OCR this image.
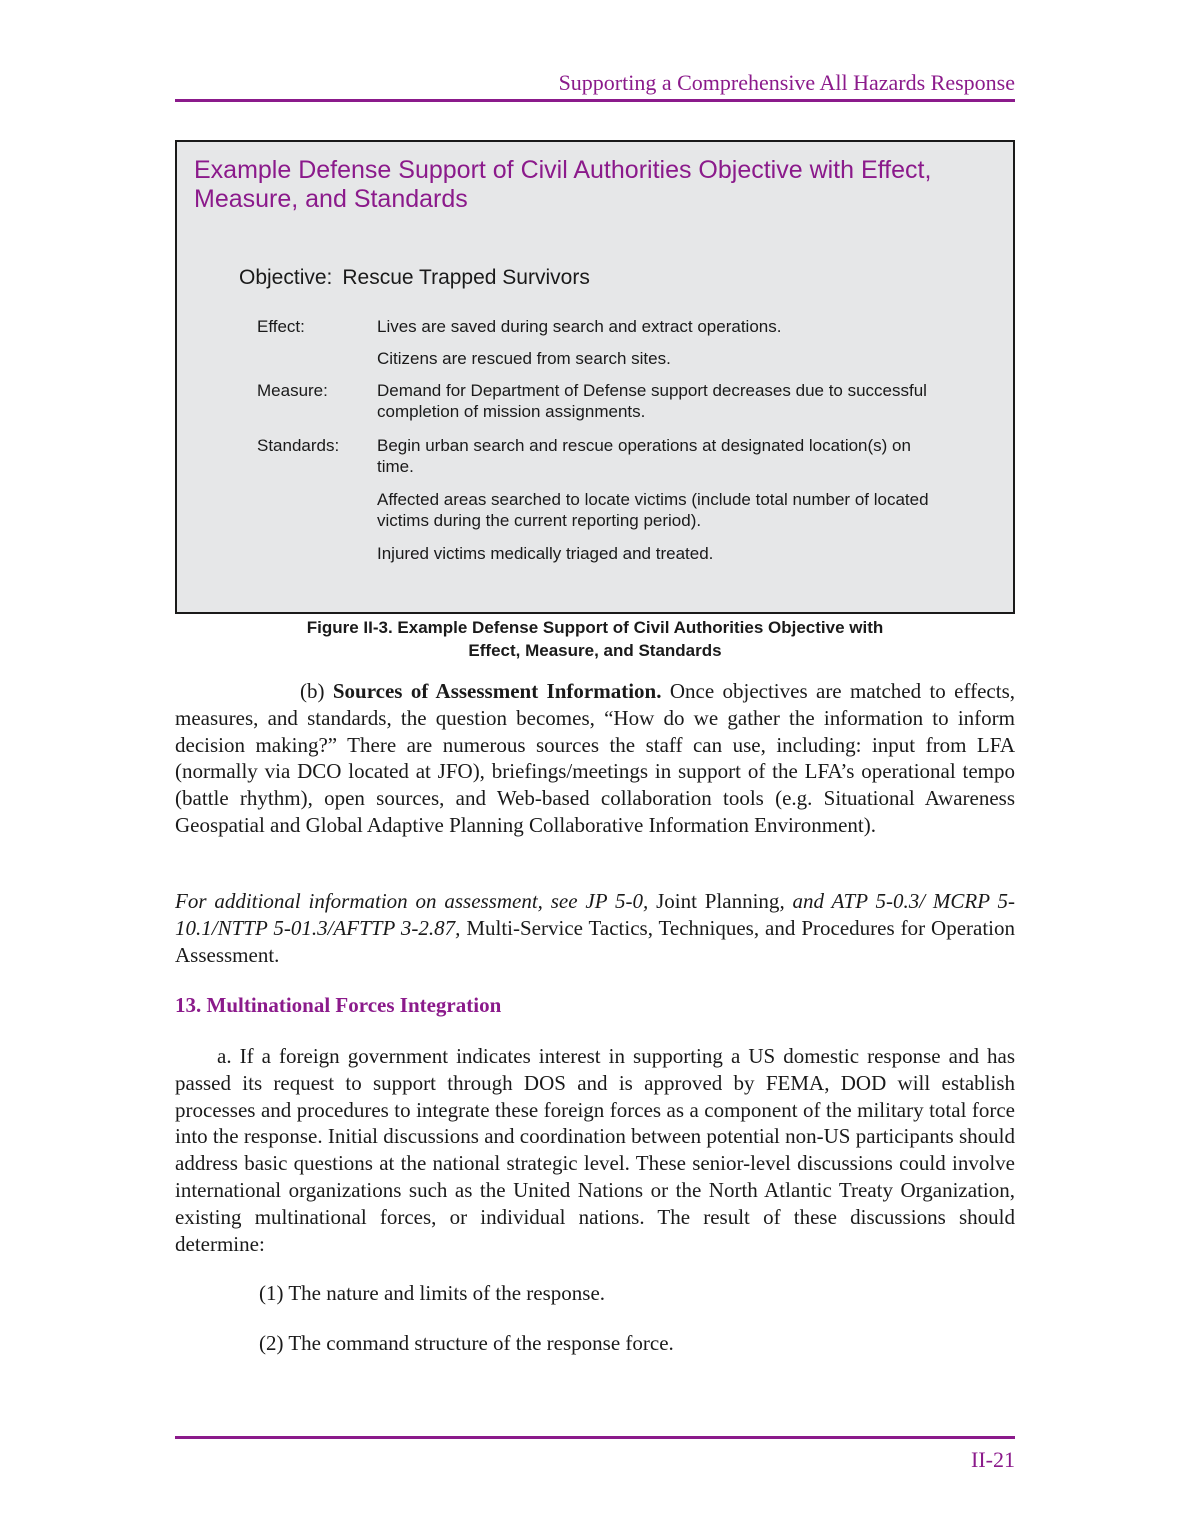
Supporting a Comprehensive All Hazards Response
Example Defense Support of Civil Authorities Objective with Effect, Measure, and Standards
Objective: Rescue Trapped Survivors
Effect:	Lives are saved during search and extract operations.
Citizens are rescued from search sites.
Measure:	Demand for Department of Defense support decreases due to successful completion of mission assignments.
Standards: Begin urban search and rescue operations at designated location(s) on time.
Affected areas searched to locate victims (include total number of located victims during the current reporting period).
Injured victims medically triaged and treated.
Figure II-3. Example Defense Support of Civil Authorities Objective with
Effect, Measure, and Standards
(b) Sources of Assessment Information. Once objectives are matched to effects, measures, and standards, the question becomes, “How do we gather the information to inform decision making?” There are numerous sources the staff can use, including: input from LFA (normally via DCO located at JFO), briefings/meetings in support of the LFA’s operational tempo (battle rhythm), open sources, and Web-based collaboration tools (e.g. Situational Awareness Geospatial and Global Adaptive Planning Collaborative Information Environment).
For additional information on assessment, see JP 5-0, Joint Planning, and ATP 5-0.3/ MCRP 5-10.1/NTTP 5-01.3/AFTTP 3-2.87, Multi-Service Tactics, Techniques, and Procedures for Operation Assessment.
13. Multinational Forces Integration
a. If a foreign government indicates interest in supporting a US domestic response and has passed its request to support through DOS and is approved by FEMA, DOD will establish processes and procedures to integrate these foreign forces as a component of the military total force into the response. Initial discussions and coordination between potential non-US participants should address basic questions at the national strategic level. These senior-level discussions could involve international organizations such as the United Nations or the North Atlantic Treaty Organization, existing multinational forces, or individual nations. The result of these discussions should determine:
(1) The nature and limits of the response.
(2) The command structure of the response force.
II-21
